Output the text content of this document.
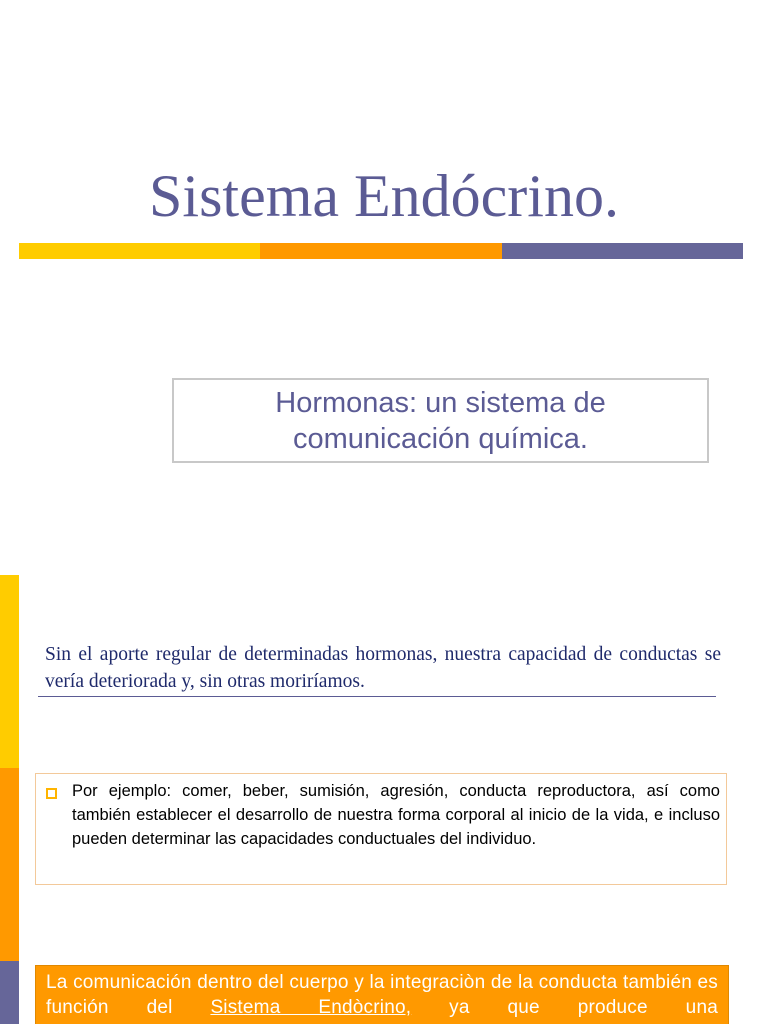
Sistema Endócrino.
Hormonas: un sistema de
comunicación química.

Sin el aporte regular de determinadas hormonas, nuestra capacidad de conductas se vería deteriorada y, sin otras moriríamos.

Por ejemplo: comer, beber, sumisión, agresión, conducta reproductora, así como también establecer el desarrollo de nuestra forma corporal al inicio de la vida, e incluso pueden determinar las capacidades conductuales del individuo.

La comunicación dentro del cuerpo y la integraciòn de la conducta también es función del Sistema Endòcrino, ya que produce una
